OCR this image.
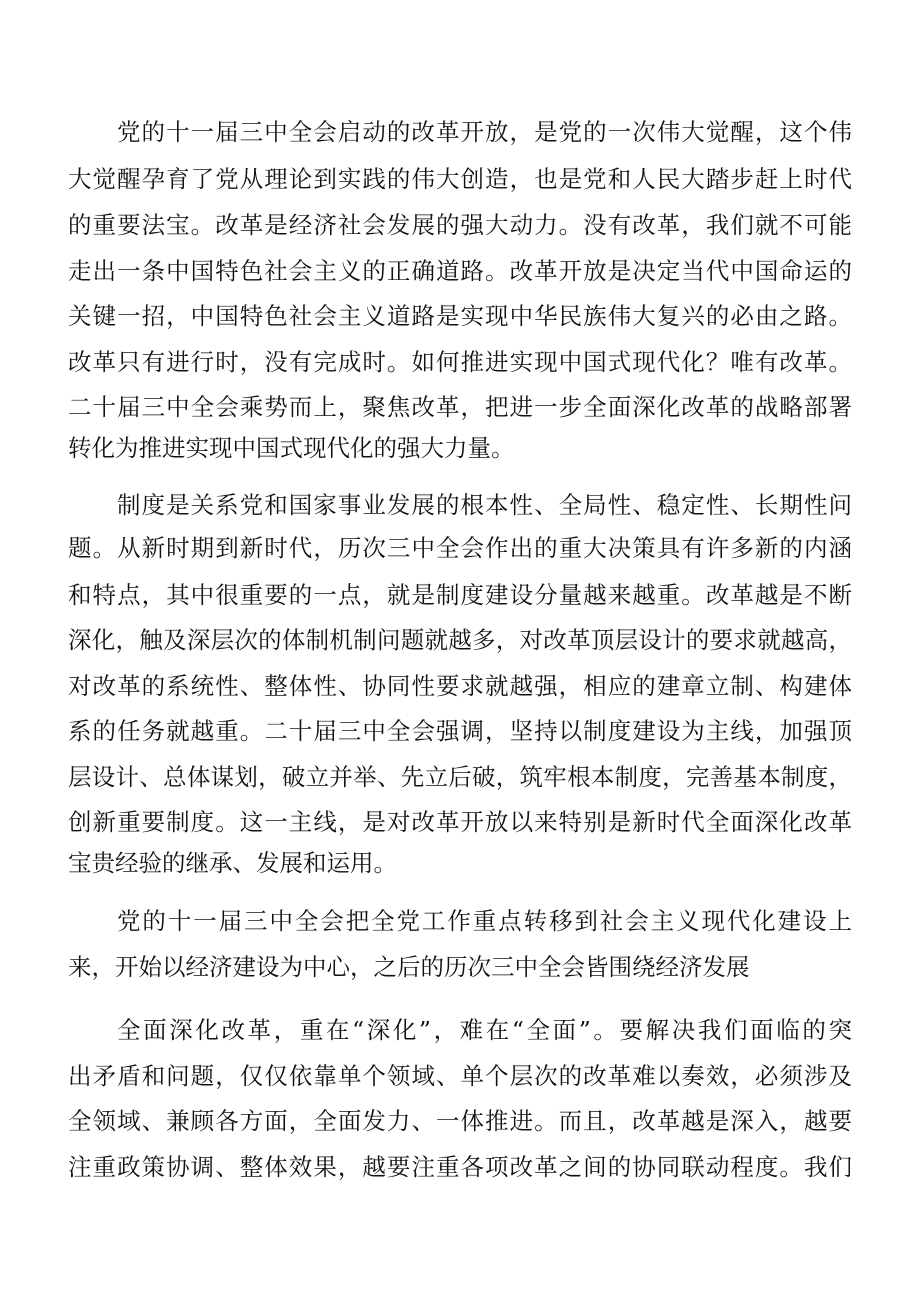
党的十一届三中全会启动的改革开放，是党的一次伟大觉醒，这个伟
大觉醒孕育了党从理论到实践的伟大创造，也是党和人民大踏步赶上时代
的重要法宝。改革是经济社会发展的强大动力。没有改革，我们就不可能
走出一条中国特色社会主义的正确道路。改革开放是决定当代中国命运的
关键一招，中国特色社会主义道路是实现中华民族伟大复兴的必由之路。
改革只有进行时，没有完成时。如何推进实现中国式现代化？唯有改革。
二十届三中全会乘势而上，聚焦改革，把进一步全面深化改革的战略部署
转化为推进实现中国式现代化的强大力量。
制度是关系党和国家事业发展的根本性、全局性、稳定性、长期性问
题。从新时期到新时代，历次三中全会作出的重大决策具有许多新的内涵
和特点，其中很重要的一点，就是制度建设分量越来越重。改革越是不断
深化，触及深层次的体制机制问题就越多，对改革顶层设计的要求就越高，
对改革的系统性、整体性、协同性要求就越强，相应的建章立制、构建体
系的任务就越重。二十届三中全会强调，坚持以制度建设为主线，加强顶
层设计、总体谋划，破立并举、先立后破，筑牢根本制度，完善基本制度，
创新重要制度。这一主线，是对改革开放以来特别是新时代全面深化改革
宝贵经验的继承、发展和运用。
党的十一届三中全会把全党工作重点转移到社会主义现代化建设上
来，开始以经济建设为中心，之后的历次三中全会皆围绕经济发展
全面深化改革，重在“深化”，难在“全面”。要解决我们面临的突
出矛盾和问题，仅仅依靠单个领域、单个层次的改革难以奏效，必须涉及
全领域、兼顾各方面，全面发力、一体推进。而且，改革越是深入，越要
注重政策协调、整体效果，越要注重各项改革之间的协同联动程度。我们
